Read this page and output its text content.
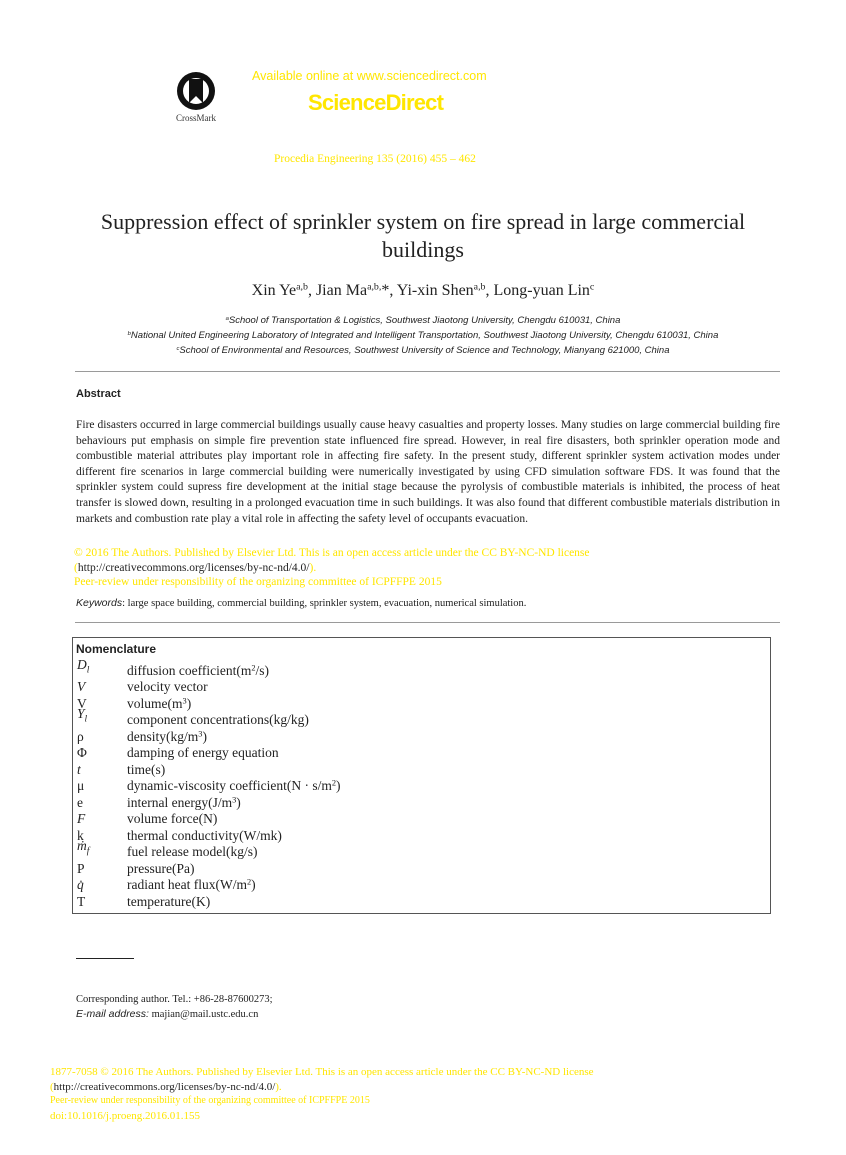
CrossMark
Available online at www.sciencedirect.com
ScienceDirect
Procedia Engineering 135 (2016) 455 – 462
Suppression effect of sprinkler system on fire spread in large commercial buildings
Xin Ye$^{a,b}$, Jian $Ma^{a,b,}*$, Yi-xin Shen$^{a,b}$, Long-yuan Lin$^c$
$^a$School of Transportation & Logistics, Southwest Jiaotong University, Chengdu 610031, China
$^b$National United Engineering Laboratory of Integrated and Intelligent Transportation, Southwest Jiaotong University, Chengdu 610031, China
$^c$School of Environmental and Resources, Southwest University of Science and Technology, Mianyang 621000, China
Abstract
Fire disasters occurred in large commercial buildings usually cause heavy casualties and property losses. Many studies on large commercial building fire behaviours put emphasis on simple fire prevention state influenced fire spread. However, in real fire disasters, both sprinkler operation mode and combustible material attributes play important role in affecting fire safety. In the present study, different sprinkler system activation modes under different fire scenarios in large commercial building were numerically investigated by using CFD simulation software FDS. It was found that the sprinkler system could supress fire development at the initial stage because the pyrolysis of combustible materials is inhibited, the process of heat transfer is slowed down, resulting in a prolonged evacuation time in such buildings. It was also found that different combustible materials distribution in markets and combustion rate play a vital role in affecting the safety level of occupants evacuation.
© 2016 The Authors. Published by Elsevier Ltd. This is an open access article under the CC BY-NC-ND license
(http://creativecommons.org/licenses/by-nc-nd/4.0/).
Peer-review under responsibility of the organizing committee of ICPFFPE 2015
Keywords: large space building, commercial building, sprinkler system, evacuation, numerical simulation.
Nomenclature
$D_l$	diffusion $coefficient(m^2/s)$
V⃗	velocity vector
V	$volume(m^3)$
$Y_l$	component concentrations(kg/kg)
ρ	$density(kg/m^3)$
Φ	damping of energy equation
t	time(s)
μ	dynamic-viscosity coefficient(N · $s/m^2$)
e	internal $energy(J/m^3)$
F⃗	volume force(N)
k	thermal conductivity(W/mk)
ṁ$_f$	fuel release model(kg/s)
P	pressure(Pa)
q̇	radiant heat $flux(W/m^2)$
T	temperature(K)
Corresponding author. Tel.: +86-28-87600273;
E-mail address: majian@mail.ustc.edu.cn
1877-7058 © 2016 The Authors. Published by Elsevier Ltd. This is an open access article under the CC BY-NC-ND license
(http://creativecommons.org/licenses/by-nc-nd/4.0/).
Peer-review under responsibility of the organizing committee of ICPFFPE 2015
doi:10.1016/j.proeng.2016.01.155
